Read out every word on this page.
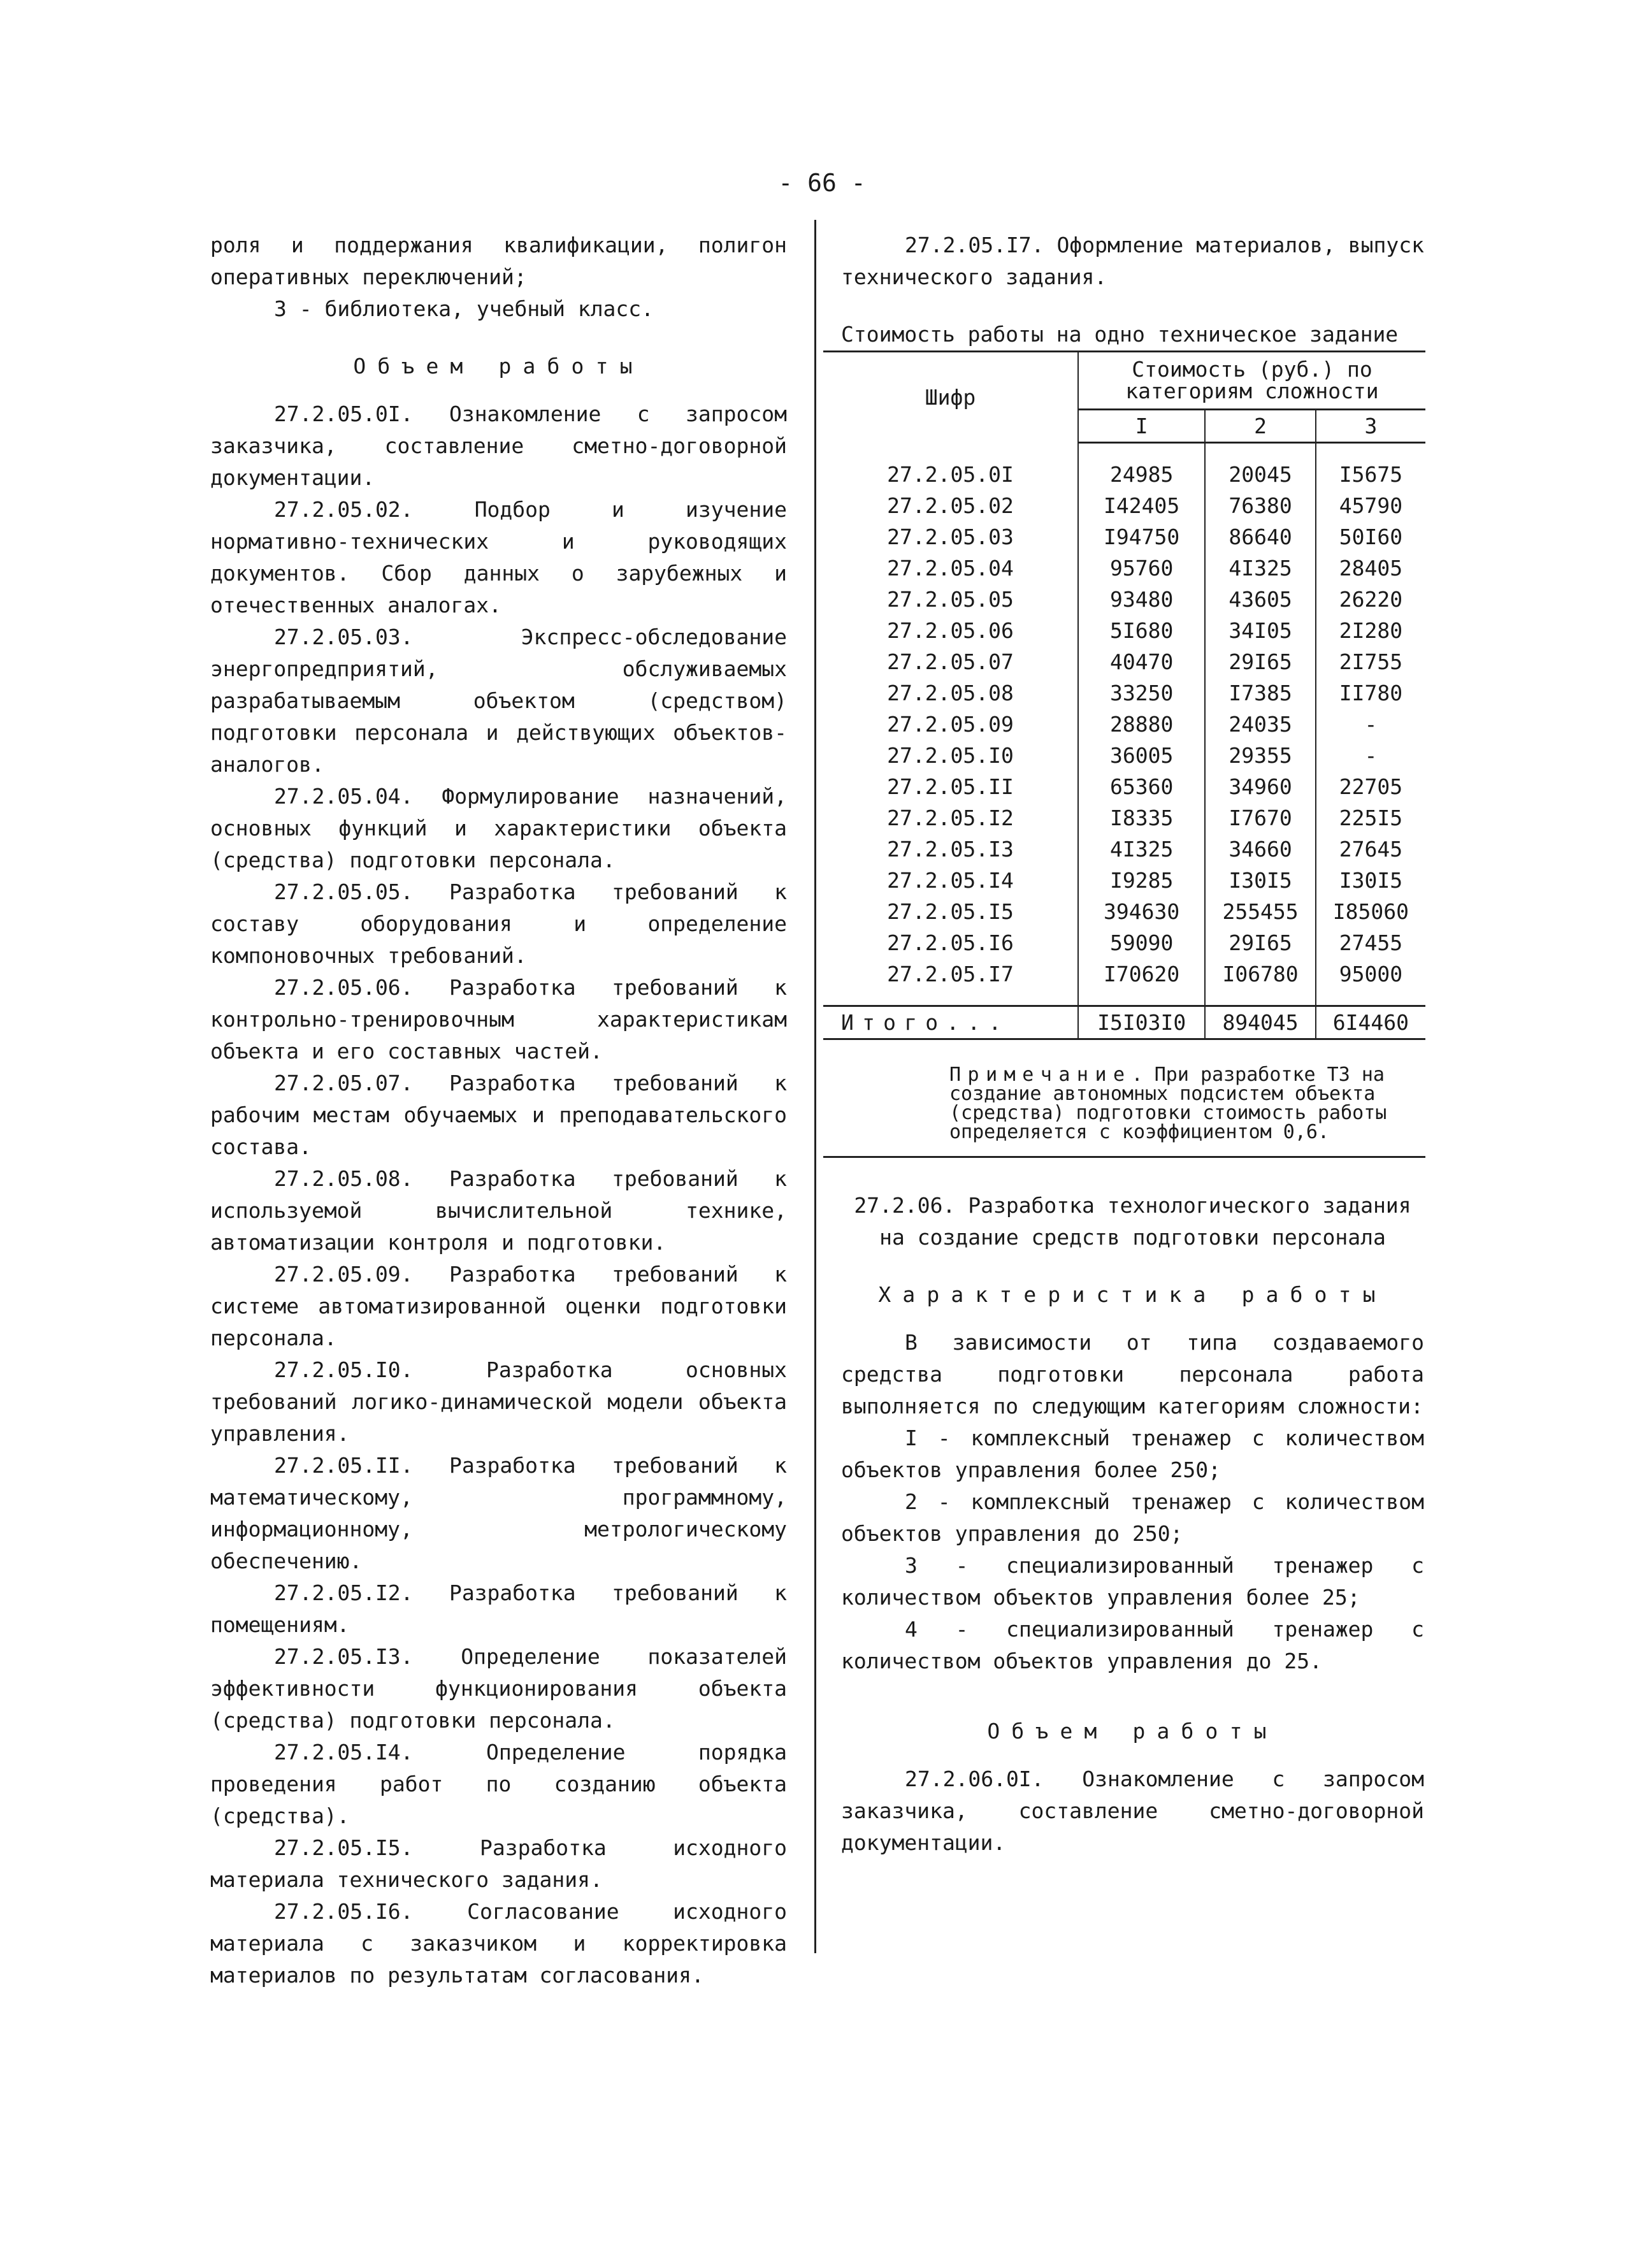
- 66 -

роля и поддержания квалификации, полигон оперативных переключений;

3 - библиотека, учебный класс.

Объем работы

27.2.05.0I. Ознакомление с запросом заказчика, составление сметно-договорной документации.

27.2.05.02. Подбор и изучение нормативно-технических и руководящих документов. Сбор данных о зарубежных и отечественных аналогах.

27.2.05.03. Экспресс-обследование энергопредприятий, обслуживаемых разрабатываемым объектом (средством) подготовки персонала и действующих объектов-аналогов.

27.2.05.04. Формулирование назначений, основных функций и характеристики объекта (средства) подготовки персонала.

27.2.05.05. Разработка требований к составу оборудования и определение компоновочных требований.

27.2.05.06. Разработка требований к контрольно-тренировочным характеристикам объекта и его составных частей.

27.2.05.07. Разработка требований к рабочим местам обучаемых и преподавательского состава.

27.2.05.08. Разработка требований к используемой вычислительной технике, автоматизации контроля и подготовки.

27.2.05.09. Разработка требований к системе автоматизированной оценки подготовки персонала.

27.2.05.I0. Разработка основных требований логико-динамической модели объекта управления.

27.2.05.II. Разработка требований к математическому, программному, информационному, метрологическому обеспечению.

27.2.05.I2. Разработка требований к помещениям.

27.2.05.I3. Определение показателей эффективности функционирования объекта (средства) подготовки персонала.

27.2.05.I4. Определение порядка проведения работ по созданию объекта (средства).

27.2.05.I5. Разработка исходного материала технического задания.

27.2.05.I6. Согласование исходного материала с заказчиком и корректировка материалов по результатам согласования.

27.2.05.I7. Оформление материалов, выпуск технического задания.

Стоимость работы на одно техническое задание

Шифр	Стоимость (руб.) по категориям сложности		
	I	2	3

27.2.05.0I	24985	20045	I5675
27.2.05.02	I42405	76380	45790
27.2.05.03	I94750	86640	50I60
27.2.05.04	95760	4I325	28405
27.2.05.05	93480	43605	26220
27.2.05.06	5I680	34I05	2I280
27.2.05.07	40470	29I65	2I755
27.2.05.08	33250	I7385	II780
27.2.05.09	28880	24035	-
27.2.05.I0	36005	29355	-
27.2.05.II	65360	34960	22705
27.2.05.I2	I8335	I7670	225I5
27.2.05.I3	4I325	34660	27645
27.2.05.I4	I9285	I30I5	I30I5
27.2.05.I5	394630	255455	I85060
27.2.05.I6	59090	29I65	27455
27.2.05.I7	I70620	I06780	95000

Итого...	I5I03I0	894045	6I4460
Примечание. При разработке ТЗ на создание автономных подсистем объекта (средства) подготовки стоимость работы определяется с коэффициентом 0,6.

27.2.06. Разработка технологического задания

на создание средств подготовки персонала

Характеристика работы

В зависимости от типа создаваемого средства подготовки персонала работа выполняется по следующим категориям сложности:

I - комплексный тренажер с количеством объектов управления более 250;

2 - комплексный тренажер с количеством объектов управления до 250;

3 - специализированный тренажер с количеством объектов управления более 25;

4 - специализированный тренажер с количеством объектов управления до 25.

Объем работы

27.2.06.0I. Ознакомление с запросом заказчика, составление сметно-договорной документации.
